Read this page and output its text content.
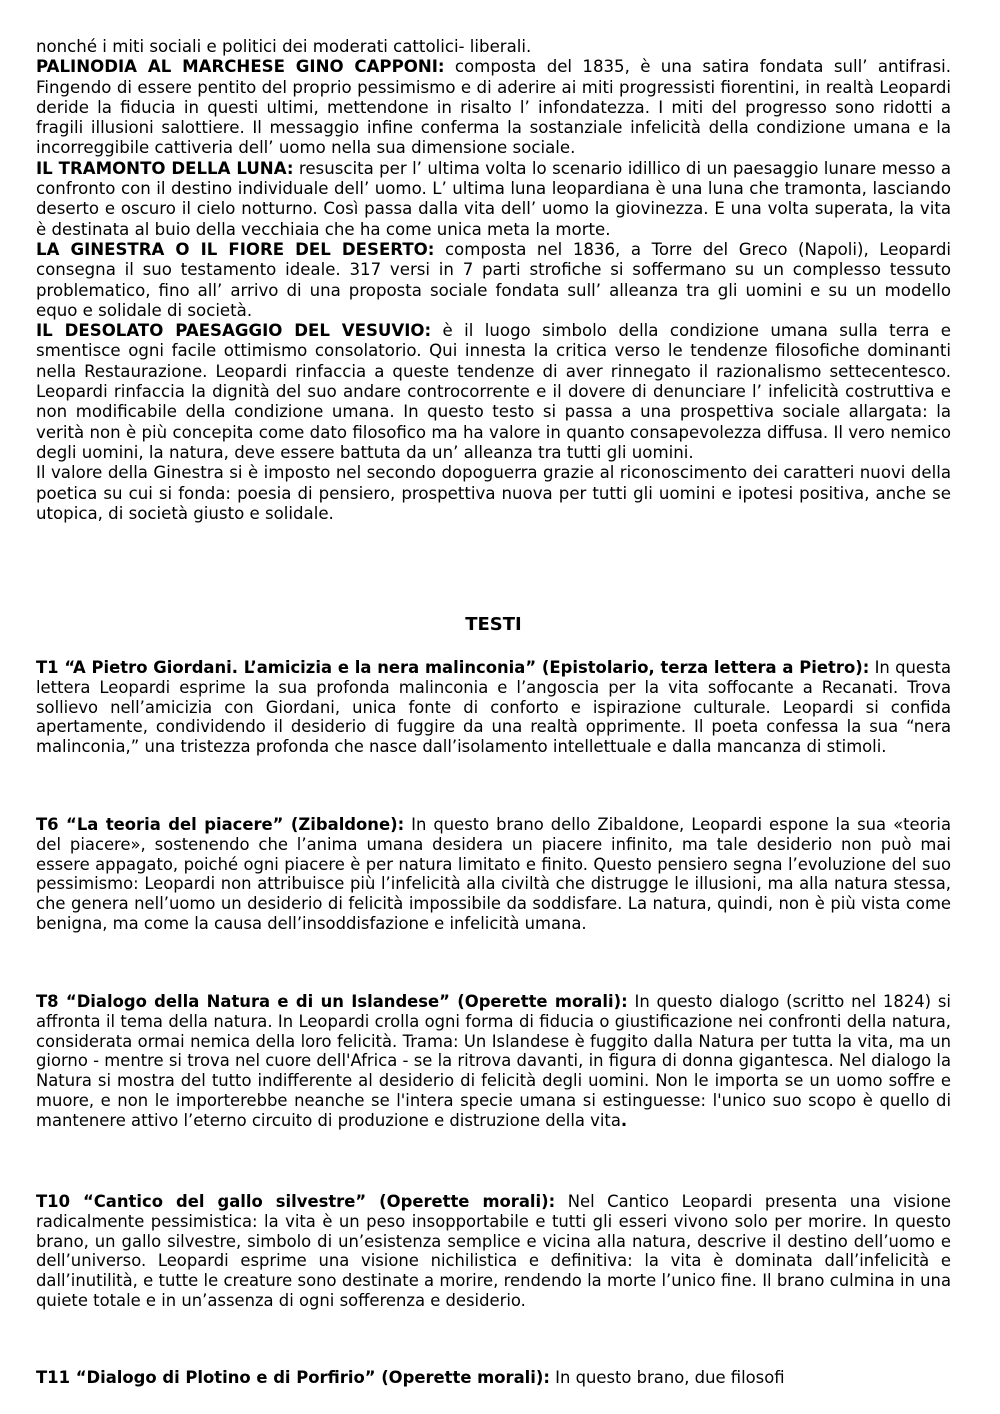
nonché i miti sociali e politici dei moderati cattolici- liberali.

PALINODIA AL MARCHESE GINO CAPPONI: composta del 1835, è una satira fondata sull’ antifrasi. Fingendo di essere pentito del proprio pessimismo e di aderire ai miti progressisti fiorentini, in realtà Leopardi deride la fiducia in questi ultimi, mettendone in risalto l’ infondatezza. I miti del progresso sono ridotti a fragili illusioni salottiere. Il messaggio infine conferma la sostanziale infelicità della condizione umana e la incorreggibile cattiveria dell’ uomo nella sua dimensione sociale.

IL TRAMONTO DELLA LUNA: resuscita per l’ ultima volta lo scenario idillico di un paesaggio lunare messo a confronto con il destino individuale dell’ uomo. L’ ultima luna leopardiana è una luna che tramonta, lasciando deserto e oscuro il cielo notturno. Così passa dalla vita dell’ uomo la giovinezza. E una volta superata, la vita è destinata al buio della vecchiaia che ha come unica meta la morte.

LA GINESTRA O IL FIORE DEL DESERTO: composta nel 1836, a Torre del Greco (Napoli), Leopardi consegna il suo testamento ideale. 317 versi in 7 parti strofiche si soffermano su un complesso tessuto problematico, fino all’ arrivo di una proposta sociale fondata sull’ alleanza tra gli uomini e su un modello equo e solidale di società.

IL DESOLATO PAESAGGIO DEL VESUVIO: è il luogo simbolo della condizione umana sulla terra e smentisce ogni facile ottimismo consolatorio. Qui innesta la critica verso le tendenze filosofiche dominanti nella Restaurazione. Leopardi rinfaccia a queste tendenze di aver rinnegato il razionalismo settecentesco. Leopardi rinfaccia la dignità del suo andare controcorrente e il dovere di denunciare l’ infelicità costruttiva e non modificabile della condizione umana. In questo testo si passa a una prospettiva sociale allargata: la verità non è più concepita come dato filosofico ma ha valore in quanto consapevolezza diffusa. Il vero nemico degli uomini, la natura, deve essere battuta da un’ alleanza tra tutti gli uomini.

Il valore della Ginestra si è imposto nel secondo dopoguerra grazie al riconoscimento dei caratteri nuovi della poetica su cui si fonda: poesia di pensiero, prospettiva nuova per tutti gli uomini e ipotesi positiva, anche se utopica, di società giusto e solidale.

TESTI

T1 “A Pietro Giordani. L’amicizia e la nera malinconia” (Epistolario, terza lettera a Pietro): In questa lettera Leopardi esprime la sua profonda malinconia e l’angoscia per la vita soffocante a Recanati. Trova sollievo nell’amicizia con Giordani, unica fonte di conforto e ispirazione culturale. Leopardi si confida apertamente, condividendo il desiderio di fuggire da una realtà opprimente. Il poeta confessa la sua “nera malinconia,” una tristezza profonda che nasce dall’isolamento intellettuale e dalla mancanza di stimoli.

T6 “La teoria del piacere” (Zibaldone): In questo brano dello Zibaldone, Leopardi espone la sua «teoria del piacere», sostenendo che l’anima umana desidera un piacere infinito, ma tale desiderio non può mai essere appagato, poiché ogni piacere è per natura limitato e finito. Questo pensiero segna l’evoluzione del suo pessimismo: Leopardi non attribuisce più l’infelicità alla civiltà che distrugge le illusioni, ma alla natura stessa, che genera nell’uomo un desiderio di felicità impossibile da soddisfare. La natura, quindi, non è più vista come benigna, ma come la causa dell’insoddisfazione e infelicità umana.

T8 “Dialogo della Natura e di un Islandese” (Operette morali): In questo dialogo (scritto nel 1824) si affronta il tema della natura. In Leopardi crolla ogni forma di fiducia o giustificazione nei confronti della natura, considerata ormai nemica della loro felicità. Trama: Un Islandese è fuggito dalla Natura per tutta la vita, ma un giorno - mentre si trova nel cuore dell'Africa - se la ritrova davanti, in figura di donna gigantesca. Nel dialogo la Natura si mostra del tutto indifferente al desiderio di felicità degli uomini. Non le importa se un uomo soffre e muore, e non le importerebbe neanche se l'intera specie umana si estinguesse: l'unico suo scopo è quello di mantenere attivo l’eterno circuito di produzione e distruzione della vita.

T10 “Cantico del gallo silvestre” (Operette morali): Nel Cantico Leopardi presenta una visione radicalmente pessimistica: la vita è un peso insopportabile e tutti gli esseri vivono solo per morire. In questo brano, un gallo silvestre, simbolo di un’esistenza semplice e vicina alla natura, descrive il destino dell’uomo e dell’universo. Leopardi esprime una visione nichilistica e definitiva: la vita è dominata dall’infelicità e dall’inutilità, e tutte le creature sono destinate a morire, rendendo la morte l’unico fine. Il brano culmina in una quiete totale e in un’assenza di ogni sofferenza e desiderio.

T11 “Dialogo di Plotino e di Porfirio” (Operette morali): In questo brano, due filosofi
